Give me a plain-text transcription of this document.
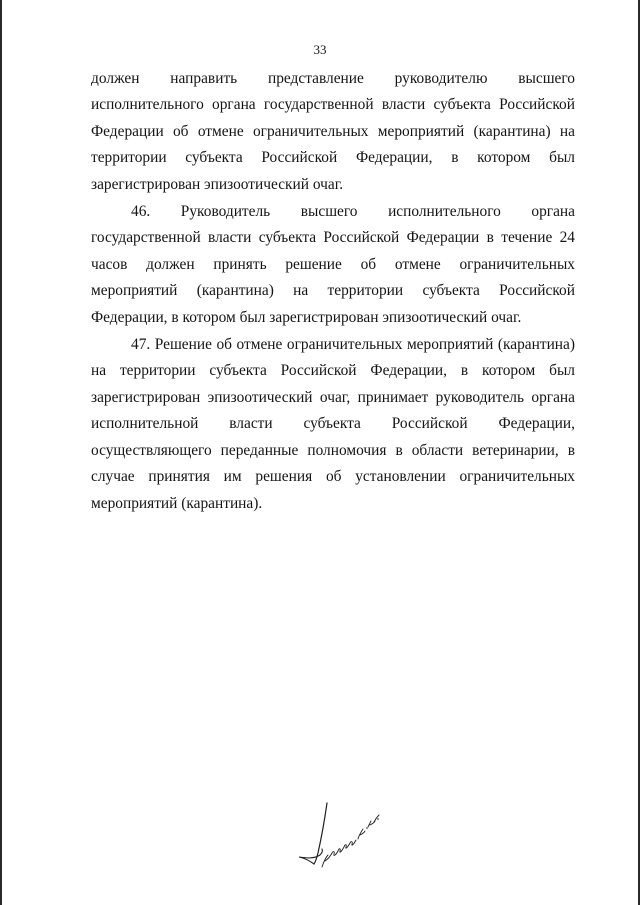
33

должен направить представление руководителю высшего исполнительного органа государственной власти субъекта Российской Федерации об отмене ограничительных мероприятий (карантина) на территории субъекта Российской Федерации, в котором был зарегистрирован эпизоотический очаг.

46. Руководитель высшего исполнительного органа государственной власти субъекта Российской Федерации в течение 24 часов должен принять решение об отмене ограничительных мероприятий (карантина) на территории субъекта Российской Федерации, в котором был зарегистрирован эпизоотический очаг.

47. Решение об отмене ограничительных мероприятий (карантина) на территории субъекта Российской Федерации, в котором был зарегистрирован эпизоотический очаг, принимает руководитель органа исполнительной власти субъекта Российской Федерации, осуществляющего переданные полномочия в области ветеринарии, в случае принятия им решения об установлении ограничительных мероприятий (карантина).
